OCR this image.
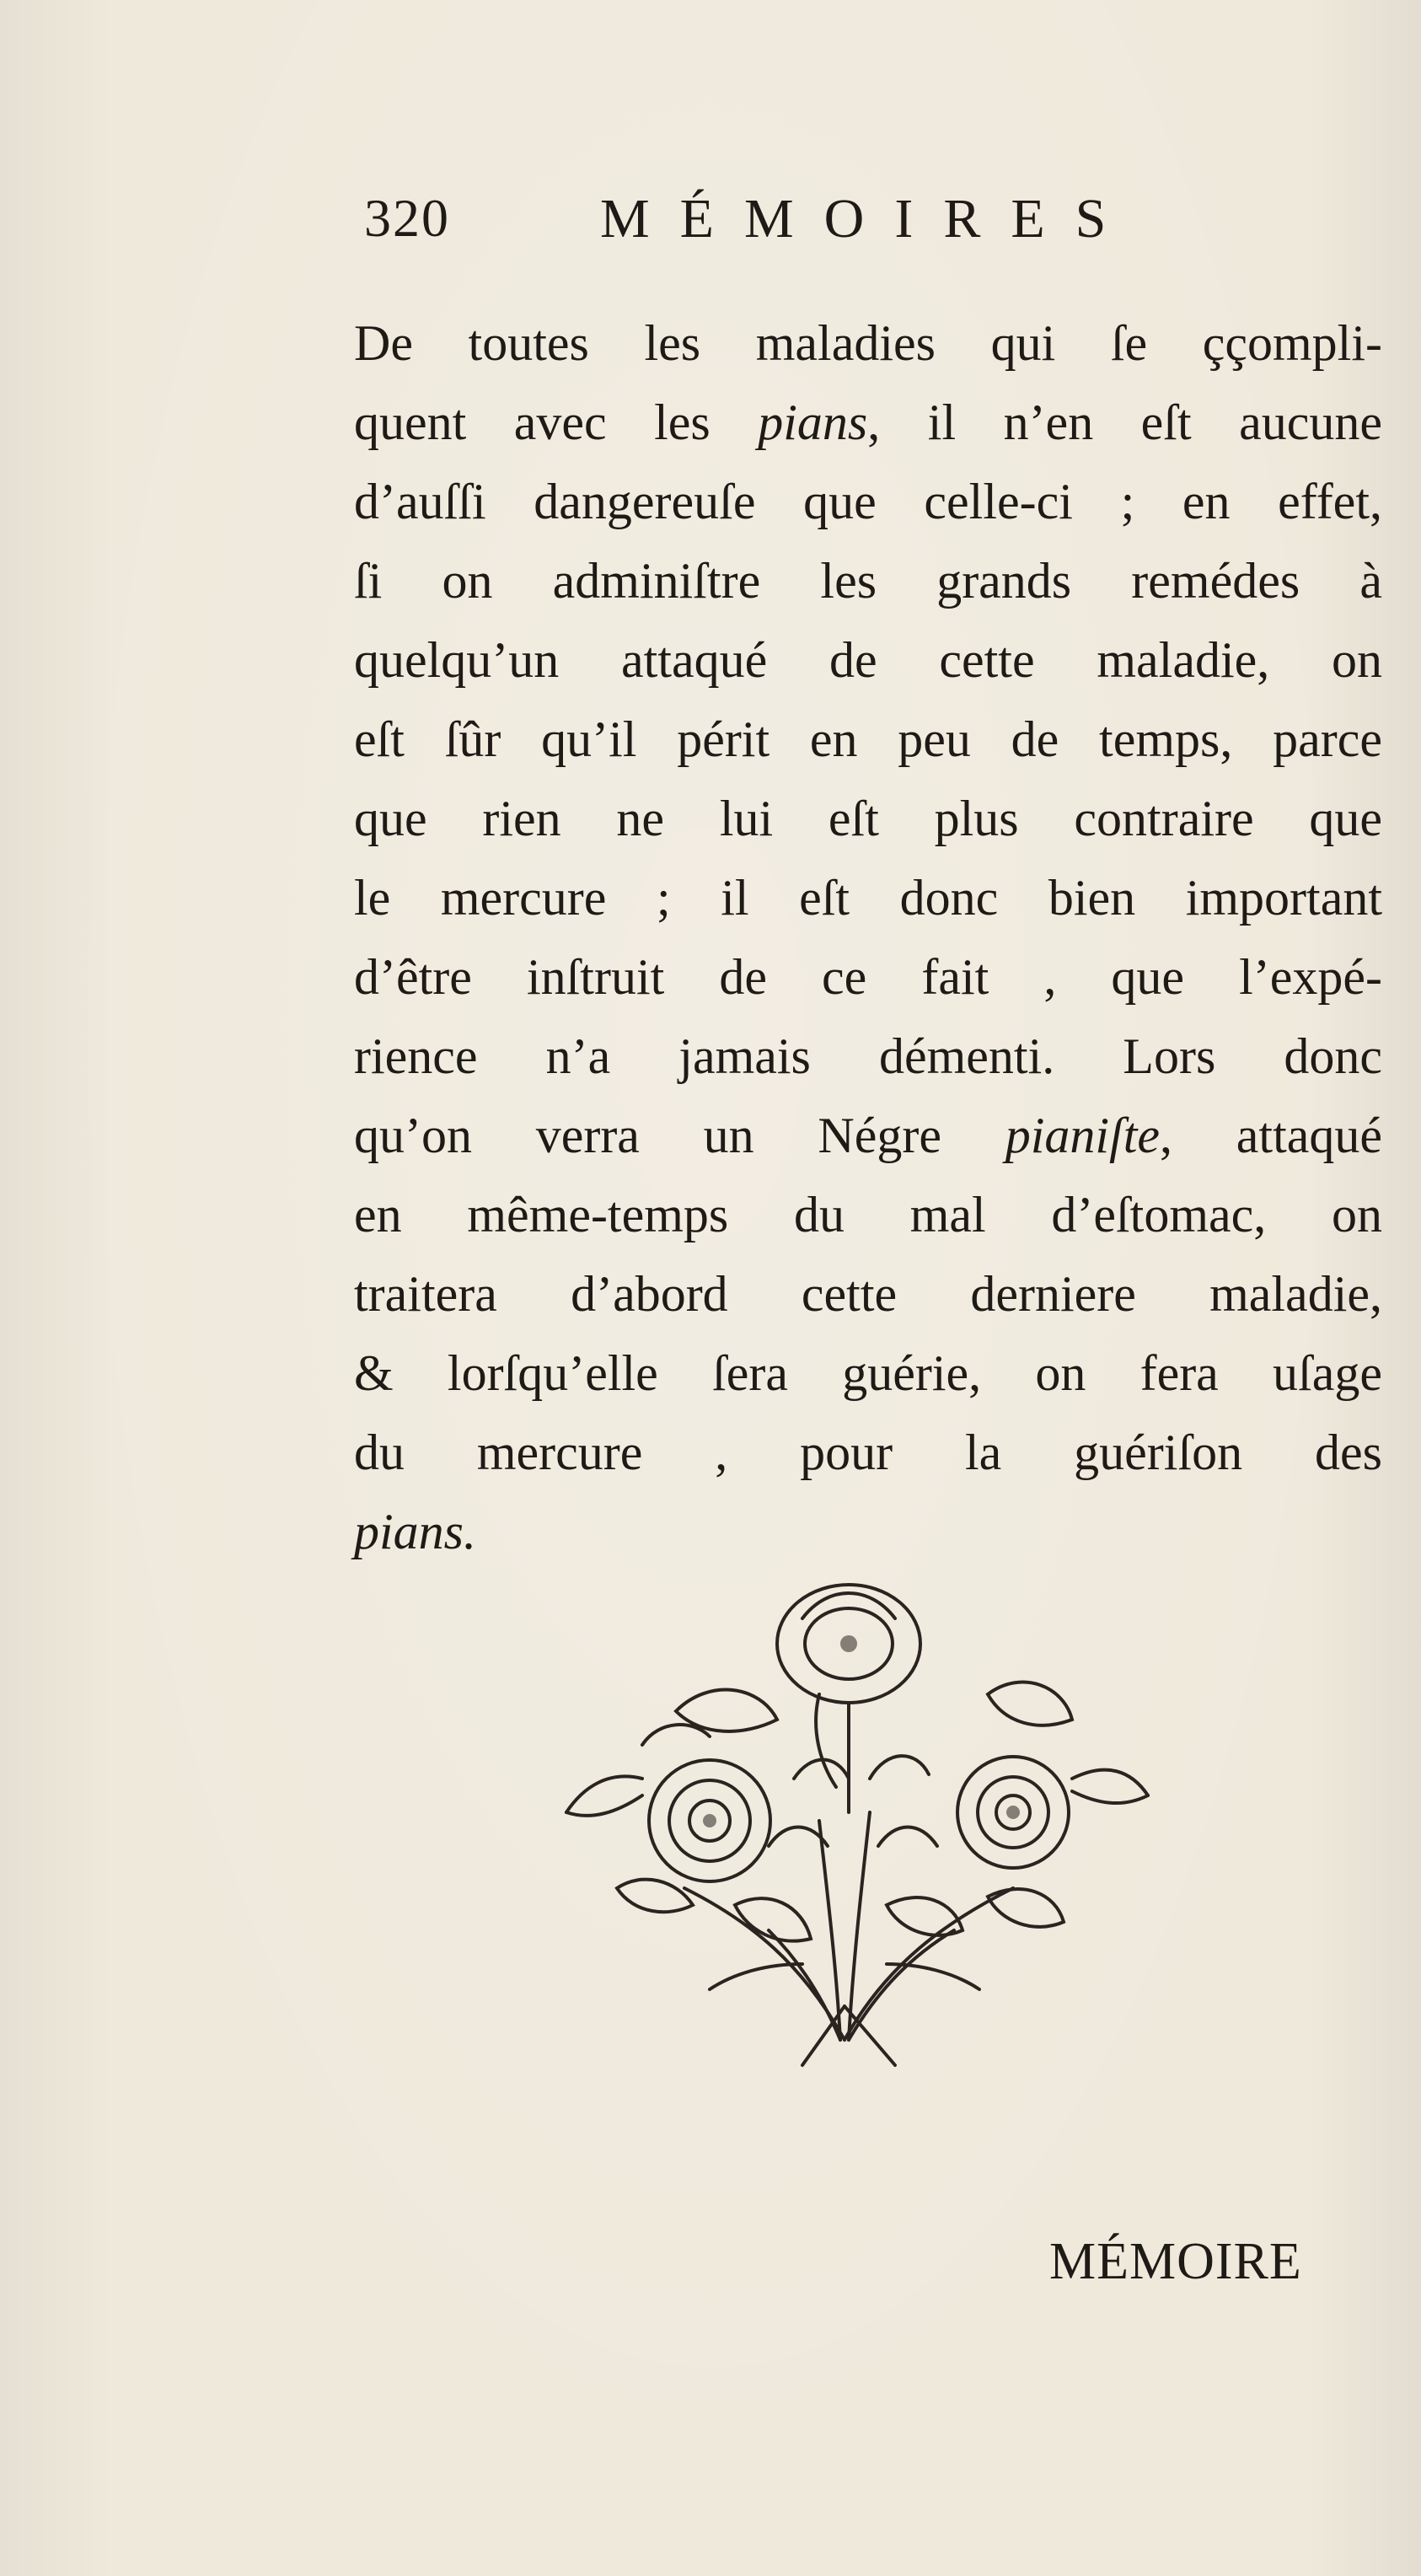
320	MÉMOIRES
De toutes les maladies qui ſe ççompli-
quent avec les pians, il n’en eſt aucune
d’auſſi dangereuſe que celle-ci ; en effet,
ſi on adminiſtre les grands remédes à
quelqu’un attaqué de cette maladie, on
eſt ſûr qu’il périt en peu de temps, parce
que rien ne lui eſt plus contraire que
le mercure ; il eſt donc bien important
d’être inſtruit de ce fait , que l’expé-
rience n’a jamais démenti. Lors donc
qu’on verra un Négre pianiſte, attaqué
en même-temps du mal d’eſtomac, on
traitera d’abord cette derniere maladie,
& lorſqu’elle ſera guérie, on fera uſage
du mercure , pour la guériſon des
pians.
MÉMOIRE
